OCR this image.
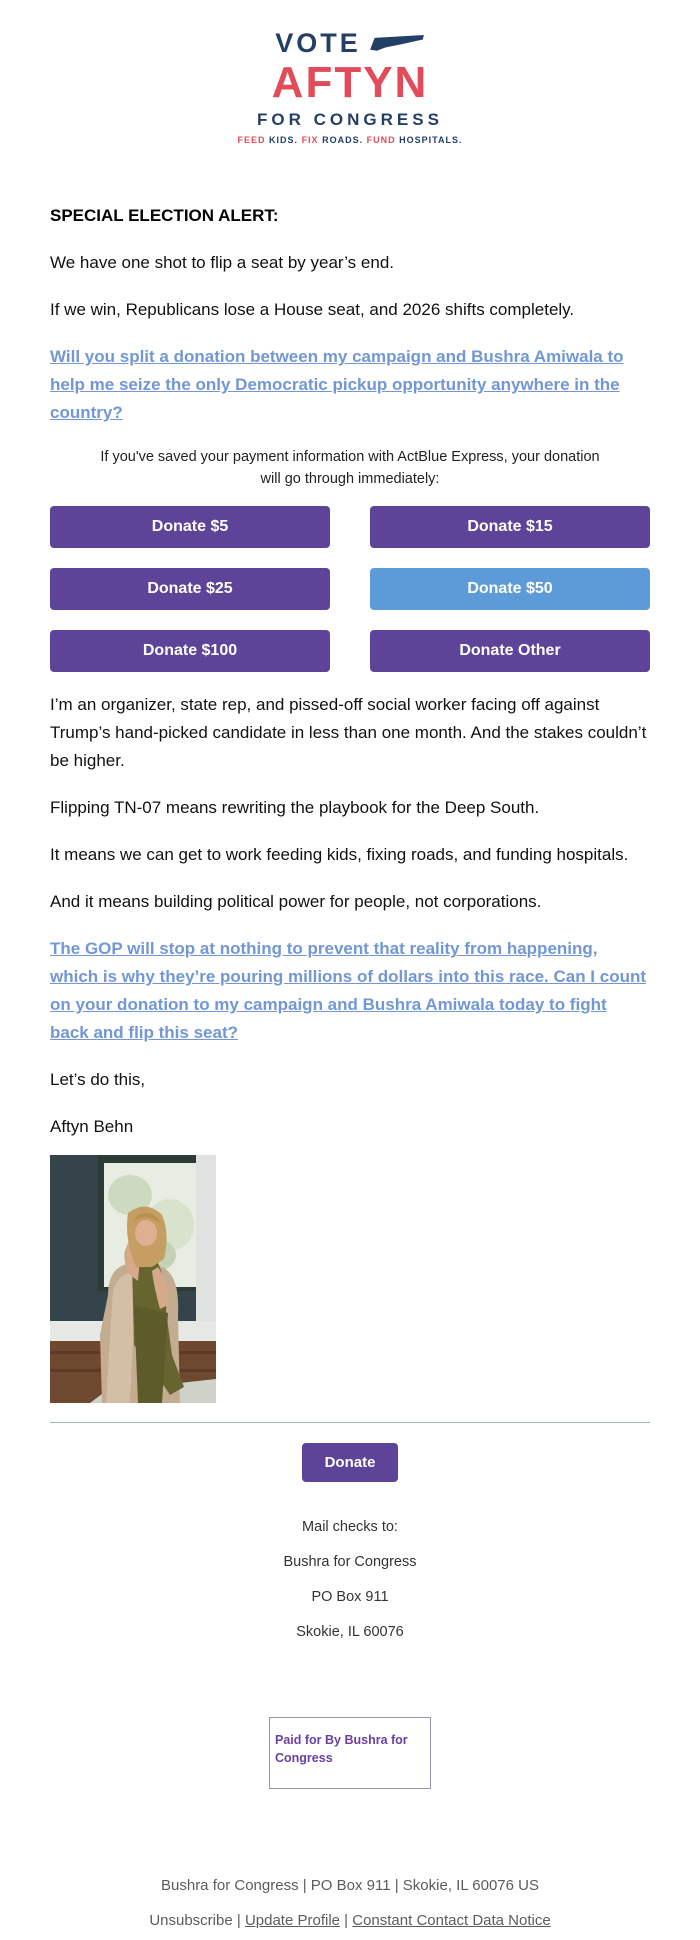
VOTE
AFTYN
FOR CONGRESS
FEED KIDS. FIX ROADS. FUND HOSPITALS.

SPECIAL ELECTION ALERT:

We have one shot to flip a seat by year’s end.

If we win, Republicans lose a House seat, and 2026 shifts completely.

Will you split a donation between my campaign and Bushra Amiwala to help me seize the only Democratic pickup opportunity anywhere in the country?

If you've saved your payment information with ActBlue Express, your donation will go through immediately:

Donate $5	Donate $15
Donate $25	Donate $50
Donate $100	Donate Other

I’m an organizer, state rep, and pissed-off social worker facing off against Trump’s hand-picked candidate in less than one month. And the stakes couldn’t be higher.

Flipping TN-07 means rewriting the playbook for the Deep South.

It means we can get to work feeding kids, fixing roads, and funding hospitals.

And it means building political power for people, not corporations.

The GOP will stop at nothing to prevent that reality from happening, which is why they’re pouring millions of dollars into this race. Can I count on your donation to my campaign and Bushra Amiwala today to fight back and flip this seat?

Let’s do this,

Aftyn Behn

Donate

Mail checks to:

Bushra for Congress

PO Box 911

Skokie, IL 60076

Paid for By Bushra for Congress
Bushra for Congress | PO Box 911 | Skokie, IL 60076 US
Unsubscribe | Update Profile | Constant Contact Data Notice
